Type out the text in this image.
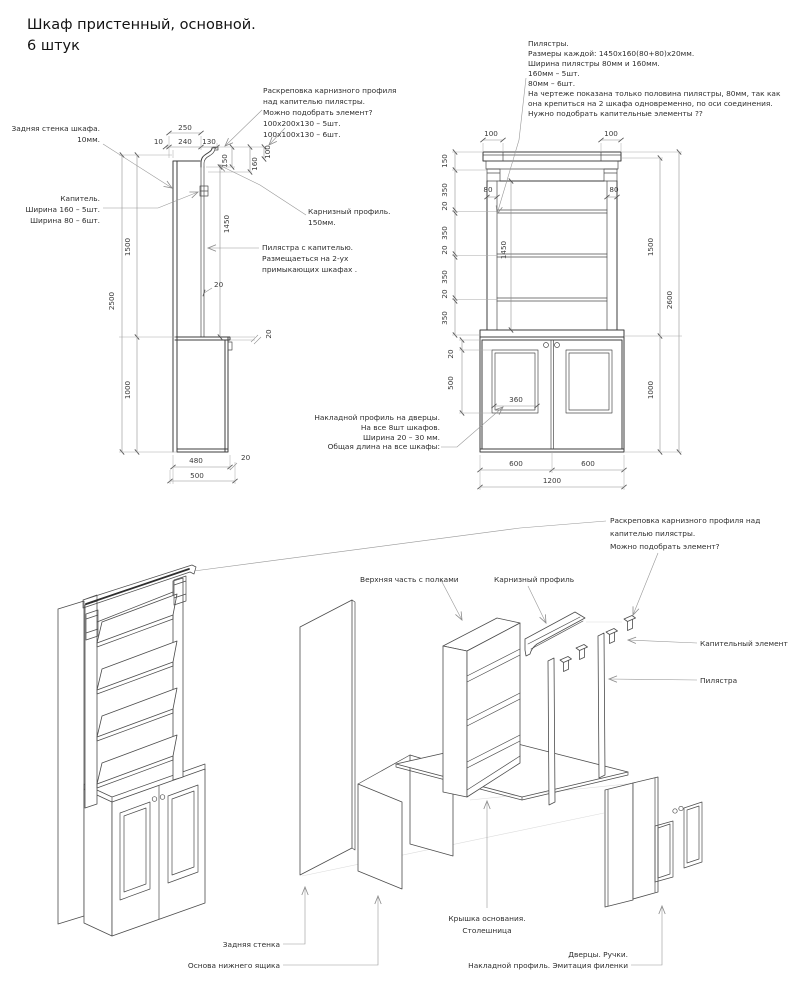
Шкаф пристенный, основной.
6 штук
250
10 240 130
150	160
100
1450
1500
2500
1000
20
20
480	20
500
Задняя стенка шкафа.
10мм.
Раскреповка карнизного профиля
над капителью пилястры.
Можно подобрать элемент?
100x200x130 – 5шт.
100x100x130 – 6шт.
Капитель.
Ширина 160 – 5шт.
Ширина 80 – 6шт.
Карнизный профиль.
150мм.
Пилястра с капителью.
Размещаеться на 2-ух
примыкающих шкафах .
100	100
150
350
20
350
20
350
20
350
80	80
1450	1500
2600
1000
20
500
360
600	600
1200
Пилястры.
Размеры каждой: 1450x160(80+80)x20мм.
Ширина пилястры 80мм и 160мм.
160мм – 5шт.
80мм – 6шт.
На чертеже показана только половина пилястры, 80мм, так как
она крепиться на 2 шкафа одновременно, по оси соединения.
Нужно подобрать капительные элементы ??
Накладной профиль на дверцы.
На все 8шт шкафов.
Ширина 20 – 30 мм.
Общая длина на все шкафы:
Верхняя часть с полками	Карнизный профиль
Раскреповка карнизного профиля над
капителью пилястры.
Можно подобрать элемент?
Капительный элемент
Пилястра
Задняя стенка
Основа нижнего ящика
Крышка основания.
Столешница
Дверцы. Ручки.
Накладной профиль. Эмитация филенки
